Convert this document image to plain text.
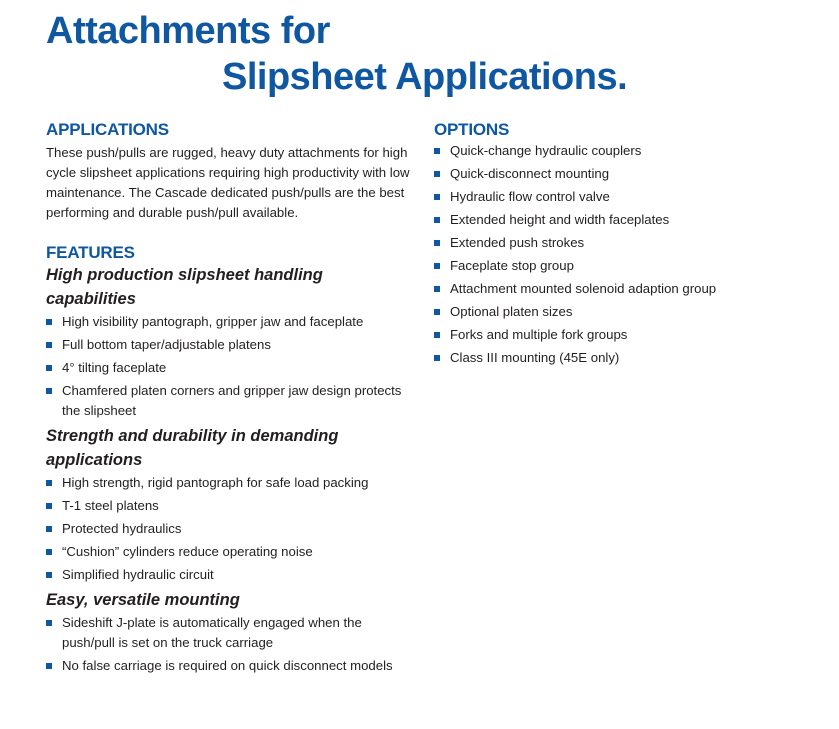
Attachments for
Slipsheet Applications.
APPLICATIONS

These push/pulls are rugged, heavy duty attachments for high cycle slipsheet applications requiring high productivity with low maintenance. The Cascade dedicated push/pulls are the best performing and durable push/pull available.

FEATURES
High production slipsheet handling capabilities
High visibility pantograph, gripper jaw and faceplate
Full bottom taper/adjustable platens
4° tilting faceplate
Chamfered platen corners and gripper jaw design protects the slipsheet
Strength and durability in demanding applications
High strength, rigid pantograph for safe load packing
T-1 steel platens
Protected hydraulics
“Cushion” cylinders reduce operating noise
Simplified hydraulic circuit
Easy, versatile mounting
Sideshift J-plate is automatically engaged when the push/pull is set on the truck carriage
No false carriage is required on quick disconnect models
OPTIONS
Quick-change hydraulic couplers
Quick-disconnect mounting
Hydraulic flow control valve
Extended height and width faceplates
Extended push strokes
Faceplate stop group
Attachment mounted solenoid adaption group
Optional platen sizes
Forks and multiple fork groups
Class III mounting (45E only)
